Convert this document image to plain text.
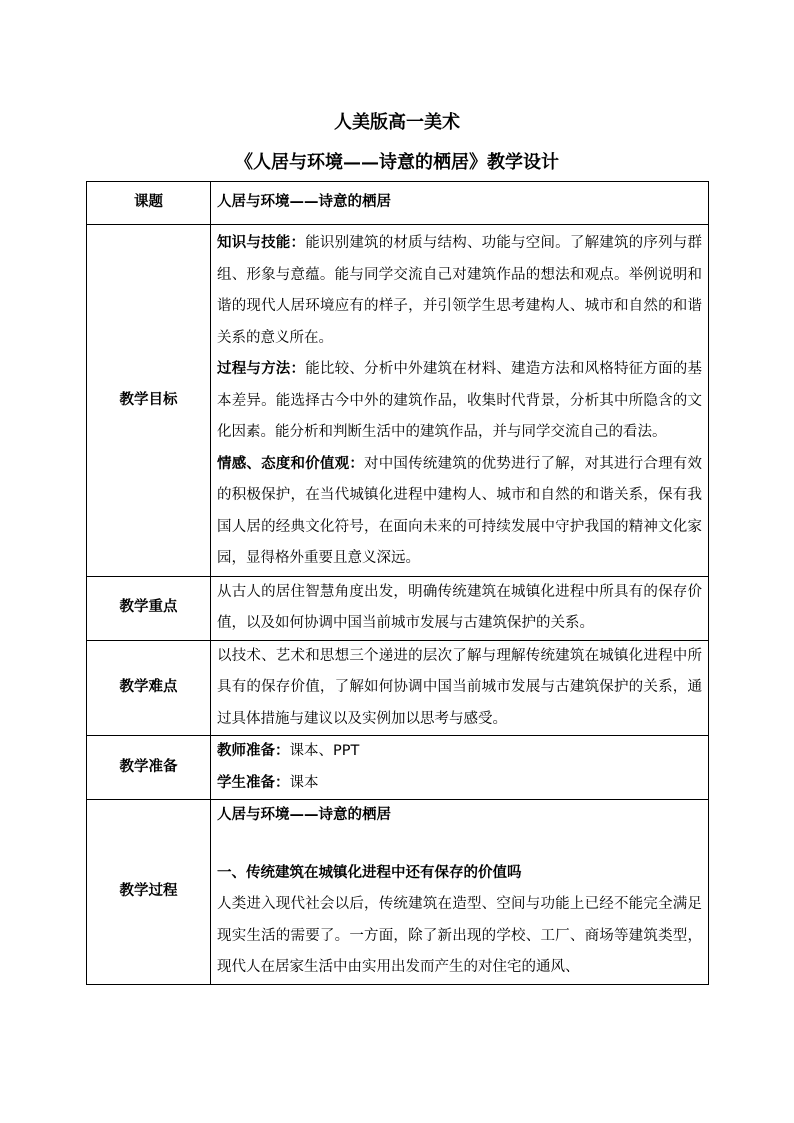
人美版高一美术
《人居与环境——诗意的栖居》教学设计
课题	人居与环境——诗意的栖居
教学目标	知识与技能：能识别建筑的材质与结构、功能与空间。了解建筑的序列与群组、形象与意蕴。能与同学交流自己对建筑作品的想法和观点。举例说明和谐的现代人居环境应有的样子，并引领学生思考建构人、城市和自然的和谐关系的意义所在。

过程与方法：能比较、分析中外建筑在材料、建造方法和风格特征方面的基本差异。能选择古今中外的建筑作品，收集时代背景，分析其中所隐含的文化因素。能分析和判断生活中的建筑作品，并与同学交流自己的看法。

情感、态度和价值观：对中国传统建筑的优势进行了解，对其进行合理有效的积极保护，在当代城镇化进程中建构人、城市和自然的和谐关系，保有我国人居的经典文化符号，在面向未来的可持续发展中守护我国的精神文化家园，显得格外重要且意义深远。

教学重点	从古人的居住智慧角度出发，明确传统建筑在城镇化进程中所具有的保存价值，以及如何协调中国当前城市发展与古建筑保护的关系。

教学难点	以技术、艺术和思想三个递进的层次了解与理解传统建筑在城镇化进程中所具有的保存价值，了解如何协调中国当前城市发展与古建筑保护的关系，通过具体措施与建议以及实例加以思考与感受。

教学准备	教师准备：课本、PPT

学生准备：课本

教学过程	人居与环境——诗意的栖居

一、传统建筑在城镇化进程中还有保存的价值吗

人类进入现代社会以后，传统建筑在造型、空间与功能上已经不能完全满足现实生活的需要了。一方面，除了新出现的学校、工厂、商场等建筑类型，现代人在居家生活中由实用出发而产生的对住宅的通风、
